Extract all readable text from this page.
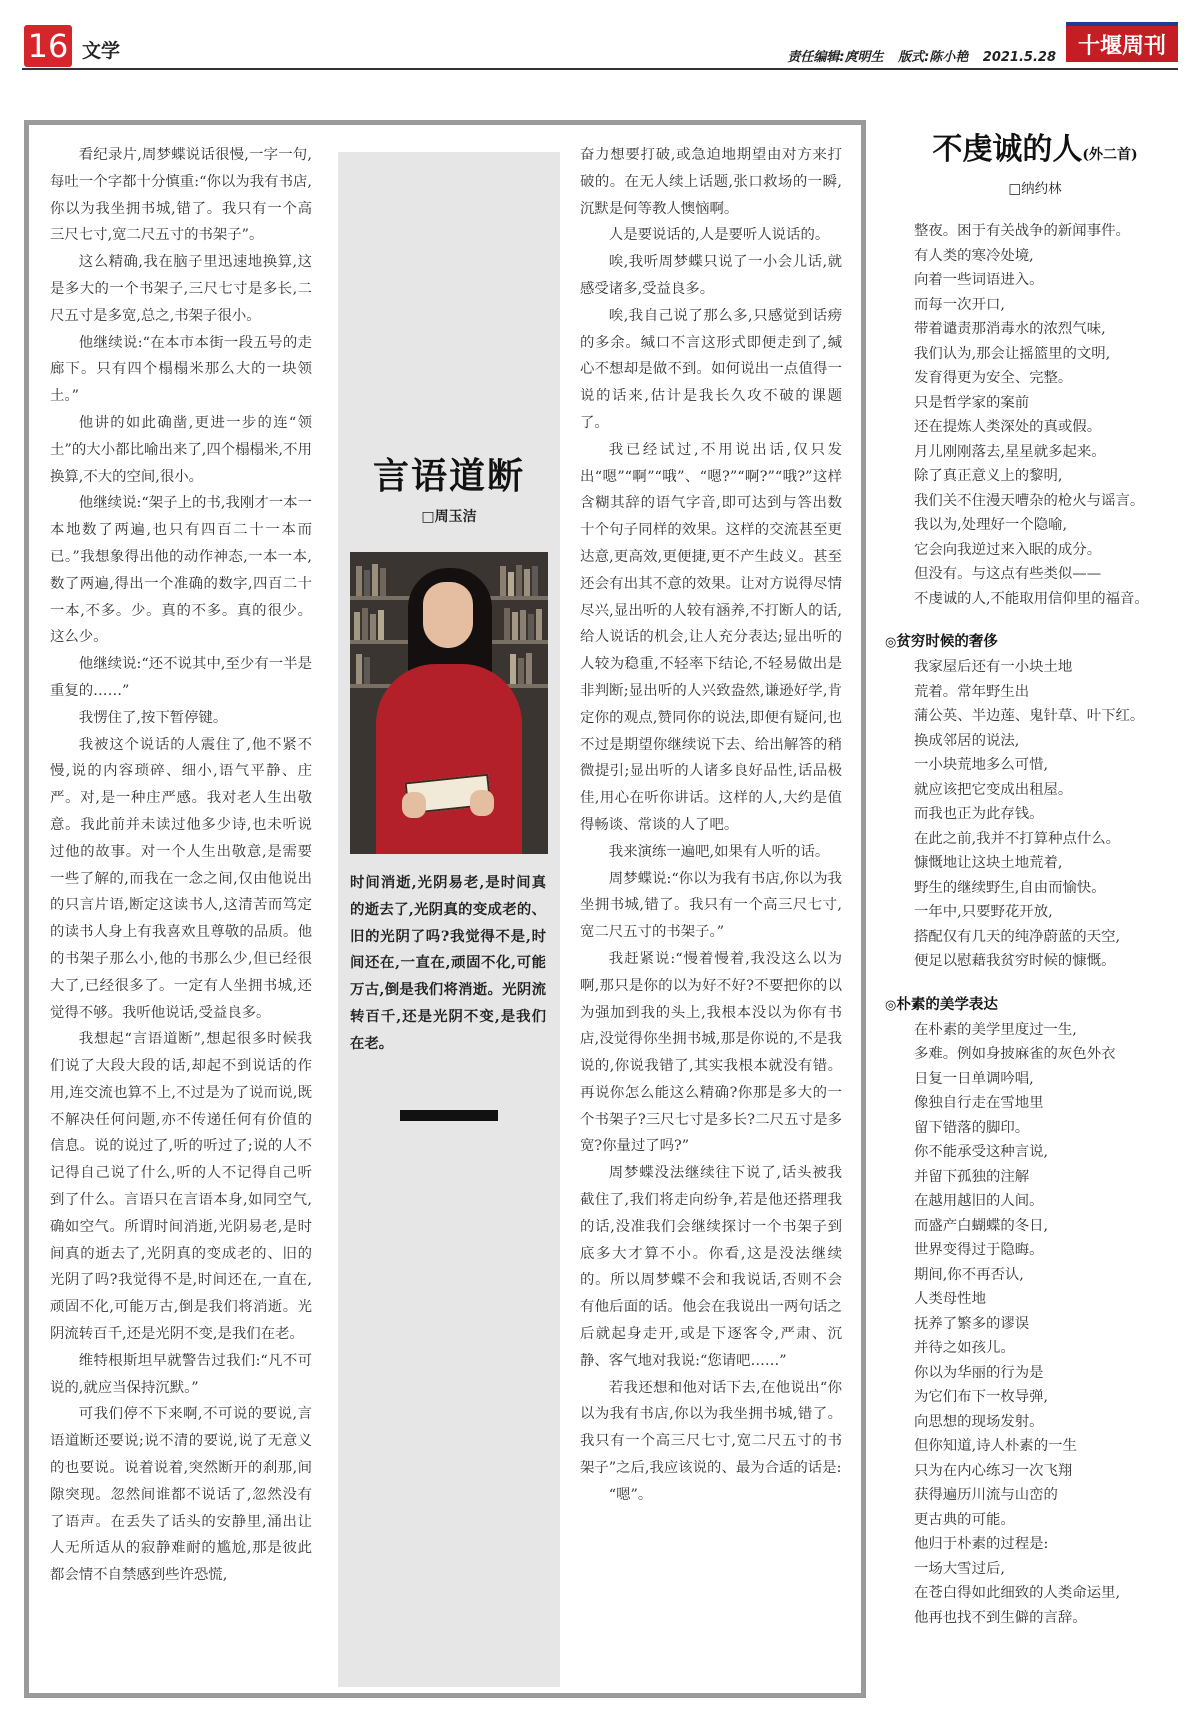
16 文学	责任编辑:庹明生 版式:陈小艳 2021.5.28 十堰周刊

看纪录片,周梦蝶说话很慢,一字一句,每吐一个字都十分慎重:“你以为我有书店,你以为我坐拥书城,错了。我只有一个高三尺七寸,宽二尺五寸的书架子”。

这么精确,我在脑子里迅速地换算,这是多大的一个书架子,三尺七寸是多长,二尺五寸是多宽,总之,书架子很小。

他继续说:“在本市本街一段五号的走廊下。只有四个榻榻米那么大的一块领土。”

他讲的如此确凿,更进一步的连“领土”的大小都比喻出来了,四个榻榻米,不用换算,不大的空间,很小。

他继续说:“架子上的书,我刚才一本一本地数了两遍,也只有四百二十一本而已。”我想象得出他的动作神态,一本一本,数了两遍,得出一个准确的数字,四百二十一本,不多。少。真的不多。真的很少。这么少。

他继续说:“还不说其中,至少有一半是重复的……”

我愣住了,按下暂停键。

我被这个说话的人震住了,他不紧不慢,说的内容琐碎、细小,语气平静、庄严。对,是一种庄严感。我对老人生出敬意。我此前并未读过他多少诗,也未听说过他的故事。对一个人生出敬意,是需要一些了解的,而我在一念之间,仅由他说出的只言片语,断定这读书人,这清苦而笃定的读书人身上有我喜欢且尊敬的品质。他的书架子那么小,他的书那么少,但已经很大了,已经很多了。一定有人坐拥书城,还觉得不够。我听他说话,受益良多。

我想起“言语道断”,想起很多时候我们说了大段大段的话,却起不到说话的作用,连交流也算不上,不过是为了说而说,既不解决任何问题,亦不传递任何有价值的信息。说的说过了,听的听过了;说的人不记得自己说了什么,听的人不记得自己听到了什么。言语只在言语本身,如同空气,确如空气。所谓时间消逝,光阴易老,是时间真的逝去了,光阴真的变成老的、旧的光阴了吗?我觉得不是,时间还在,一直在,顽固不化,可能万古,倒是我们将消逝。光阴流转百千,还是光阴不变,是我们在老。

维特根斯坦早就警告过我们:“凡不可说的,就应当保持沉默。”

可我们停不下来啊,不可说的要说,言语道断还要说;说不清的要说,说了无意义的也要说。说着说着,突然断开的刹那,间隙突现。忽然间谁都不说话了,忽然没有了语声。在丢失了话头的安静里,涌出让人无所适从的寂静难耐的尴尬,那是彼此都会情不自禁感到些许恐慌,

言语道断
□周玉洁
时间消逝,光阴易老,是时间真的逝去了,光阴真的变成老的、旧的光阴了吗?我觉得不是,时间还在,一直在,顽固不化,可能万古,倒是我们将消逝。光阴流转百千,还是光阴不变,是我们在老。

奋力想要打破,或急迫地期望由对方来打破的。在无人续上话题,张口救场的一瞬,沉默是何等教人懊恼啊。

人是要说话的,人是要听人说话的。

唉,我听周梦蝶只说了一小会儿话,就感受诸多,受益良多。

唉,我自己说了那么多,只感觉到话痨的多余。缄口不言这形式即便走到了,缄心不想却是做不到。如何说出一点值得一说的话来,估计是我长久攻不破的课题了。

我已经试过,不用说出话,仅只发出“嗯”“啊”“哦”、“嗯?”“啊?”“哦?”这样含糊其辞的语气字音,即可达到与答出数十个句子同样的效果。这样的交流甚至更达意,更高效,更便捷,更不产生歧义。甚至还会有出其不意的效果。让对方说得尽情尽兴,显出听的人较有涵养,不打断人的话,给人说话的机会,让人充分表达;显出听的人较为稳重,不轻率下结论,不轻易做出是非判断;显出听的人兴致盎然,谦逊好学,肯定你的观点,赞同你的说法,即便有疑问,也不过是期望你继续说下去、给出解答的稍微提引;显出听的人诸多良好品性,话品极佳,用心在听你讲话。这样的人,大约是值得畅谈、常谈的人了吧。

我来演练一遍吧,如果有人听的话。

周梦蝶说:“你以为我有书店,你以为我坐拥书城,错了。我只有一个高三尺七寸,宽二尺五寸的书架子。”

我赶紧说:“慢着慢着,我没这么以为啊,那只是你的以为好不好?不要把你的以为强加到我的头上,我根本没以为你有书店,没觉得你坐拥书城,那是你说的,不是我说的,你说我错了,其实我根本就没有错。再说你怎么能这么精确?你那是多大的一个书架子?三尺七寸是多长?二尺五寸是多宽?你量过了吗?”

周梦蝶没法继续往下说了,话头被我截住了,我们将走向纷争,若是他还搭理我的话,没准我们会继续探讨一个书架子到底多大才算不小。你看,这是没法继续的。所以周梦蝶不会和我说话,否则不会有他后面的话。他会在我说出一两句话之后就起身走开,或是下逐客令,严肃、沉静、客气地对我说:“您请吧……”

若我还想和他对话下去,在他说出“你以为我有书店,你以为我坐拥书城,错了。我只有一个高三尺七寸,宽二尺五寸的书架子”之后,我应该说的、最为合适的话是:

“嗯”。

不虔诚的人(外二首)
□纳约林
整夜。困于有关战争的新闻事件。
有人类的寒冷处境,
向着一些词语进入。
而每一次开口,
带着谴责那消毒水的浓烈气味,
我们认为,那会让摇篮里的文明,
发育得更为安全、完整。
只是哲学家的案前
还在提炼人类深处的真或假。
月儿刚刚落去,星星就多起来。
除了真正意义上的黎明,
我们关不住漫天嘈杂的枪火与谣言。
我以为,处理好一个隐喻,
它会向我逆过来入眠的成分。
但没有。与这点有些类似——
不虔诚的人,不能取用信仰里的福音。
◎贫穷时候的奢侈
我家屋后还有一小块土地
荒着。常年野生出
蒲公英、半边莲、鬼针草、叶下红。
换成邻居的说法,
一小块荒地多么可惜,
就应该把它变成出租屋。
而我也正为此存钱。
在此之前,我并不打算种点什么。
慷慨地让这块土地荒着,
野生的继续野生,自由而愉快。
一年中,只要野花开放,
搭配仅有几天的纯净蔚蓝的天空,
便足以慰藉我贫穷时候的慷慨。
◎朴素的美学表达
在朴素的美学里度过一生,
多难。例如身披麻雀的灰色外衣
日复一日单调吟唱,
像独自行走在雪地里
留下错落的脚印。
你不能承受这种言说,
并留下孤独的注解
在越用越旧的人间。
而盛产白蝴蝶的冬日,
世界变得过于隐晦。
期间,你不再否认,
人类母性地
抚养了繁多的谬误
并待之如孩儿。
你以为华丽的行为是
为它们布下一枚导弹,
向思想的现场发射。
但你知道,诗人朴素的一生
只为在内心练习一次飞翔
获得遍历川流与山峦的
更古典的可能。
他归于朴素的过程是:
一场大雪过后,
在苍白得如此细致的人类命运里,
他再也找不到生僻的言辞。
